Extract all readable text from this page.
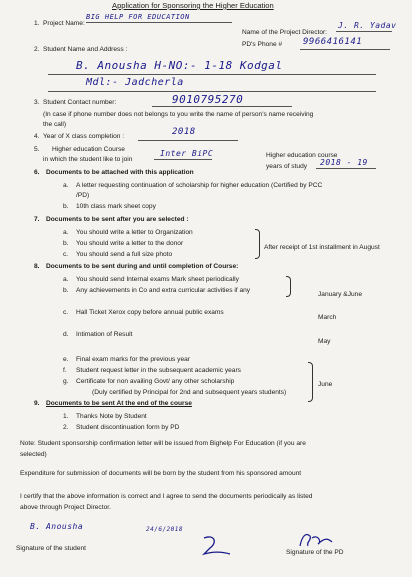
Application for Sponsoring the Higher Education
1. Project Name:
BIG HELP FOR EDUCATION
Name of the Project Director:
J. R. Yadav
PD's Phone # 9966416141
2. Student Name and Address :
B. Anousha H-NO:- 1-18 Kodgal
Mdl:- Jadcherla
3. Student Contact number:	9010795270
(In case if phone number does not belongs to you write the name of person's name receiving
the call)
4. Year of X class completion :	2018
5. Higher education Course
in which the student like to join
Inter BiPC	Higher education course
years of study 2018 - 19
6. Documents to be attached with this application
a. A letter requesting continuation of scholarship for higher education (Certified by PCC
/PD)
b. 10th class mark sheet copy
7. Documents to be sent after you are selected :
a. You should write a letter to Organization
b. You should write a letter to the donor
c. You should send a full size photo
After receipt of 1st installment in August
8. Documents to be sent during and until completion of Course:
a. You should send Internal exams Mark sheet periodically
b. Any achievements in Co and extra curricular activities if any
January &June
c. Hall Ticket Xerox copy before annual public exams
March
d. Intimation of Result
May
e. Final exam marks for the previous year
f. Student request letter in the subsequent academic years
g. Certificate for non availing Govt/ any other scholarship
(Duly certified by Principal for 2nd and subsequent years students)
June
9. Documents to be sent At the end of the course
1. Thanks Note by Student
2. Student discontinuation form by PD
Note: Student sponsorship confirmation letter will be issued from Bighelp For Education (if you are
selected)
Expenditure for submission of documents will be born by the student from his sponsored amount
I certify that the above information is correct and I agree to send the documents periodically as listed
above through Project Director.
B. Anousha
Signature of the student
24/6/2018
Signature of the PD
